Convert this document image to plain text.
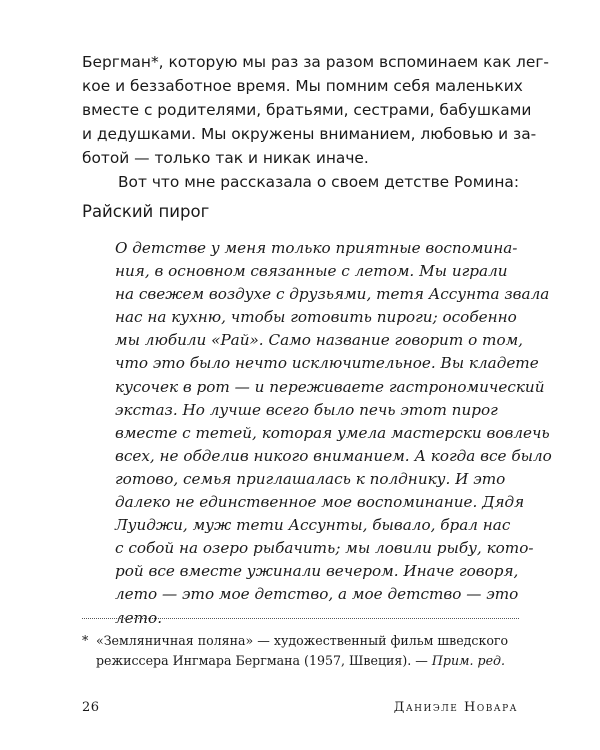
Бергман*, которую мы раз за разом вспоминаем как лег-
кое и беззаботное время. Мы помним себя маленьких
вместе с родителями, братьями, сестрами, бабушками
и дедушками. Мы окружены вниманием, любовью и за-
ботой — только так и никак иначе.
Вот что мне рассказала о своем детстве Ромина:
Райский пирог
О детстве у меня только приятные воспомина-
ния, в основном связанные с летом. Мы играли
на свежем воздухе с друзьями, тетя Ассунта звала
нас на кухню, чтобы готовить пироги; особенно
мы любили «Рай». Само название говорит о том,
что это было нечто исключительное. Вы кладете
кусочек в рот — и переживаете гастрономический
экстаз. Но лучше всего было печь этот пирог
вместе с тетей, которая умела мастерски вовлечь
всех, не обделив никого вниманием. А когда все было
готово, семья приглашалась к полднику. И это
далеко не единственное мое воспоминание. Дядя
Луиджи, муж тети Ассунты, бывало, брал нас
с собой на озеро рыбачить; мы ловили рыбу, кото-
рой все вместе ужинали вечером. Иначе говоря,
лето — это мое детство, а мое детство — это
лето.
* «Земляничная поляна» — художественный фильм шведского
режиссера Ингмара Бергмана (1957, Швеция). — Прим. ред.
26	Даниэле Новара
